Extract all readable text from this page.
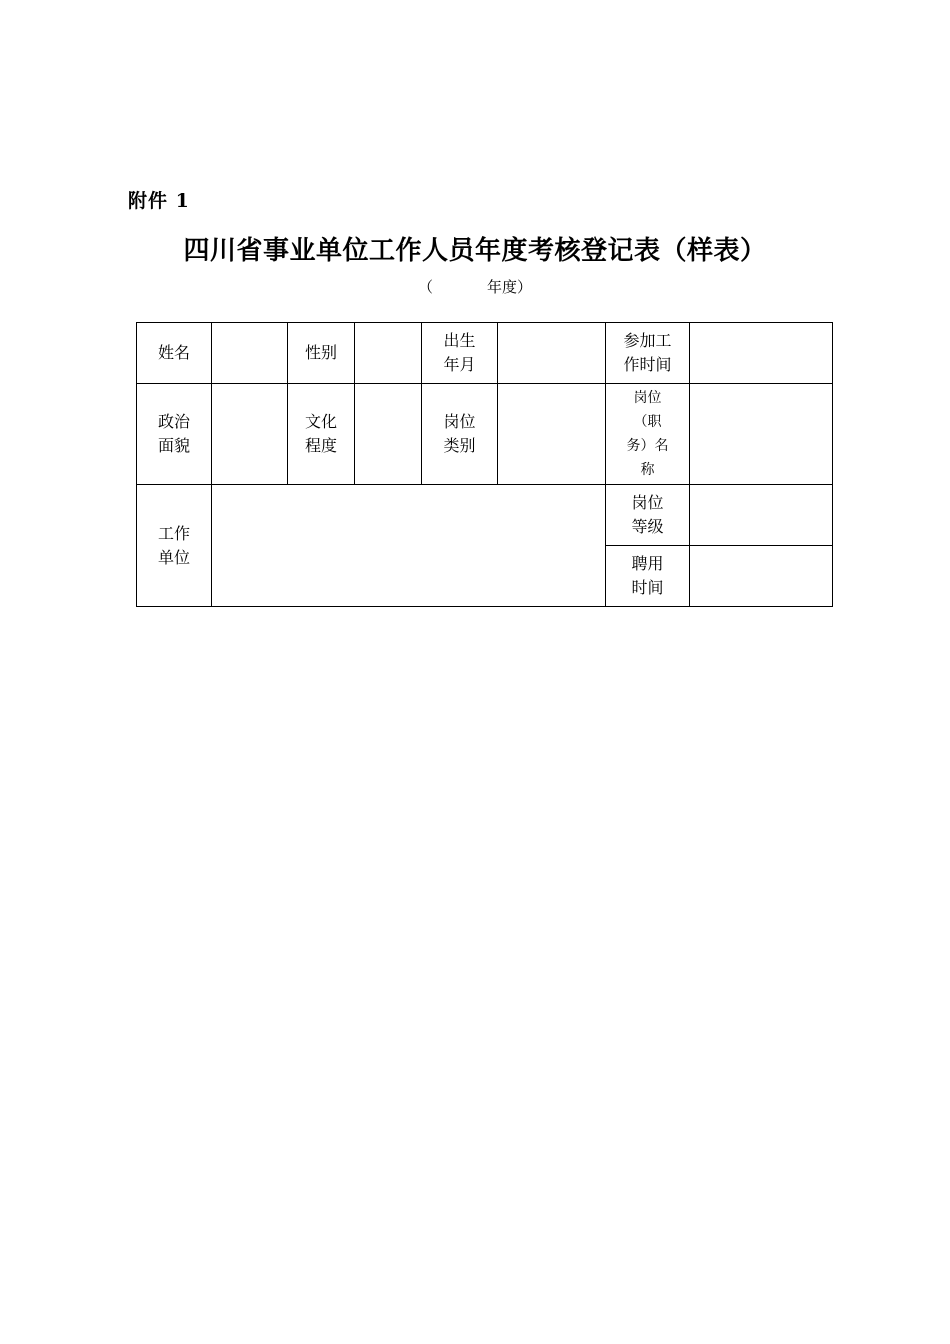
附件 1
四川省事业单位工作人员年度考核登记表（样表）
（	年度）
姓名		性别		出生年月		参加工作时间	
政治面貌		文化程度		岗位类别		岗位（职务）名称	
工作单位						岗位等级	
						聘用时间	
